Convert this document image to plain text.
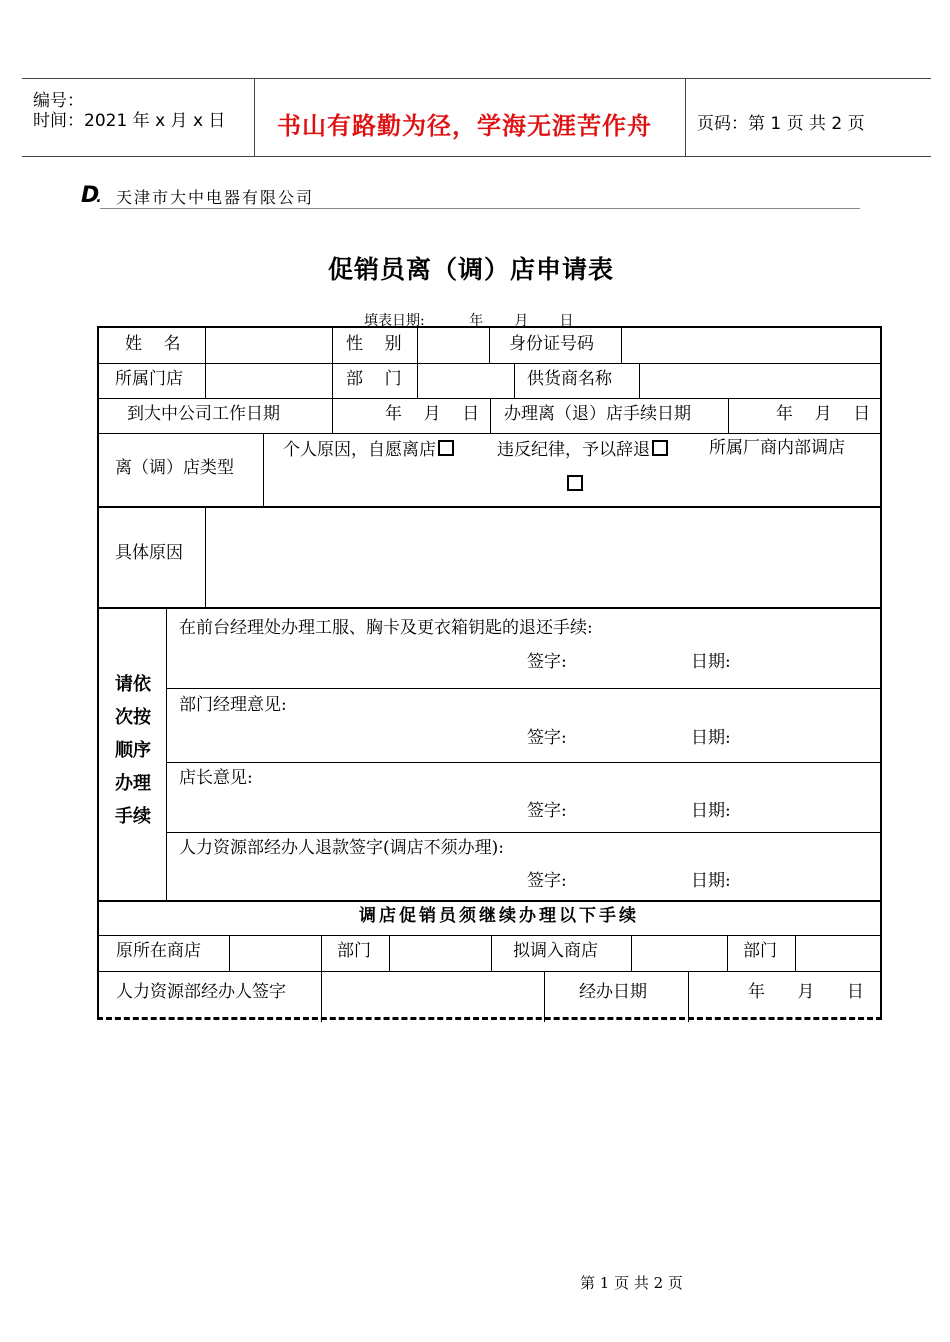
编号：
时间：2021 年 x 月 x 日 书山有路勤为径，学海无涯苦作舟	页码：第 1 页 共 2 页
D. 天津市大中电器有限公司
促销员离（调）店申请表
填表日期:          年       月       日
姓    名	性    别	身份证号码
所属门店	部    门	供货商名称
到大中公司工作日期	年    月    日 办理离（退）店手续日期	年    月    日
离（调）店类型
个人原因，自愿离店	违反纪律，予以辞退	所属厂商内部调店
具体原因
请依
次按
顺序
办理
手续
在前台经理处办理工服、胸卡及更衣箱钥匙的退还手续:
签字:	日期:
部门经理意见:
签字:	日期:
店长意见:
签字:	日期:
人力资源部经办人退款签字(调店不须办理):
签字:	日期:
调店促销员须继续办理以下手续
原所在商店	部门	拟调入商店	部门
人力资源部经办人签字	经办日期	年      月      日
第 1 页 共 2 页
